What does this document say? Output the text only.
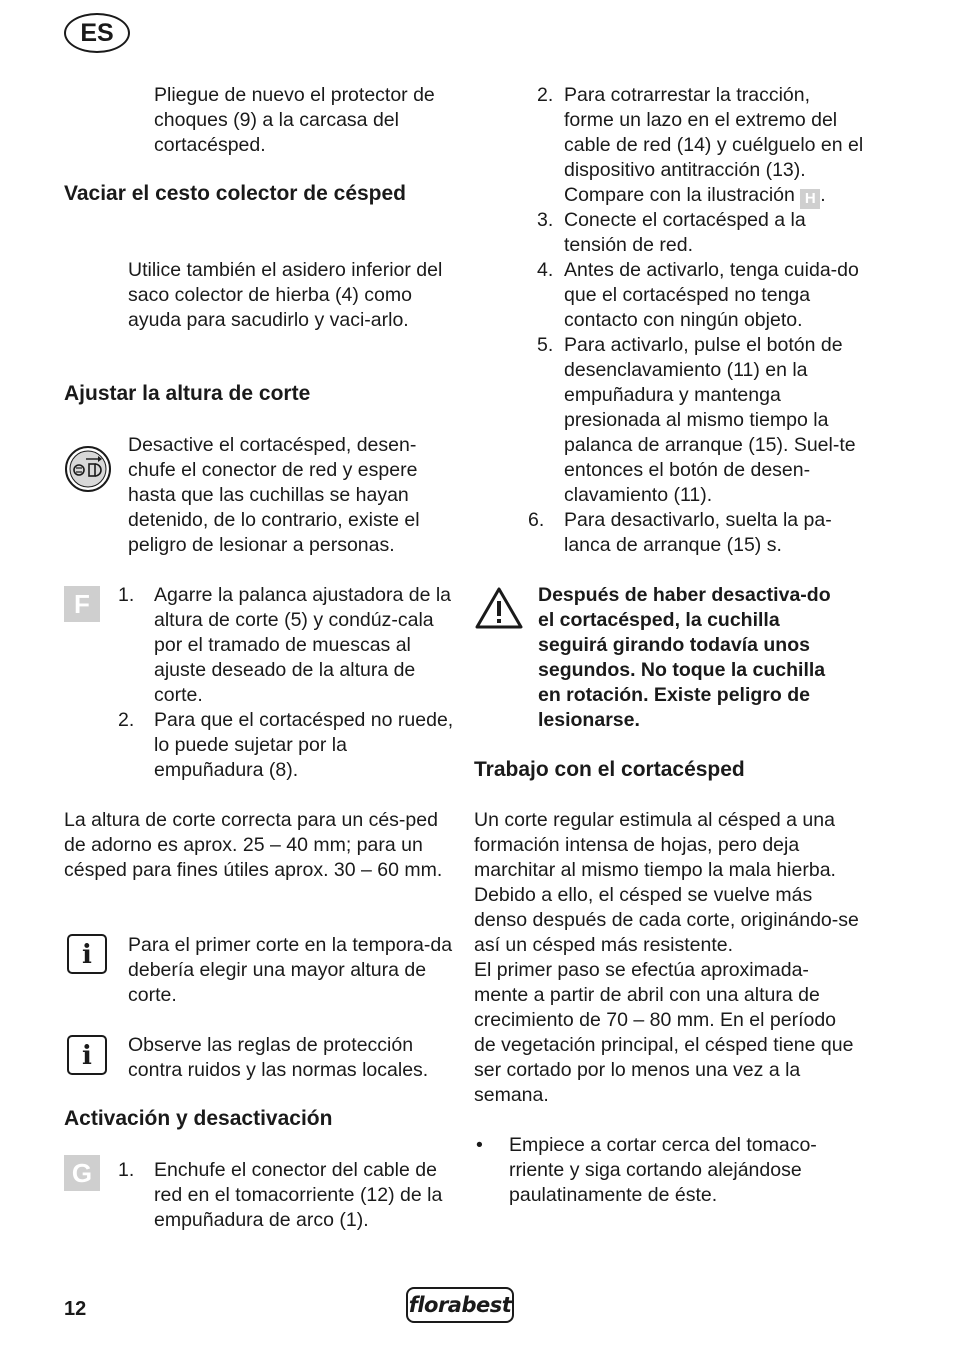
ES

Pliegue de nuevo el protector de choques (9) a la carcasa del cortacésped.

Vaciar el cesto colector de césped

Utilice también el asidero inferior del saco colector de hierba (4) como ayuda para sacudirlo y vaci-arlo.

Ajustar la altura de corte

Desactive el cortacésped, desen-chufe el conector de red y espere hasta que las cuchillas se hayan detenido, de lo contrario, existe el peligro de lesionar a personas.

F	1. Agarre la palanca ajustadora de la altura de corte (5) y condúz-cala por el tramado de muescas al ajuste deseado de la altura de corte.
2. Para que el cortacésped no ruede, lo puede sujetar por la empuñadura (8).

La altura de corte correcta para un cés-ped de adorno es aprox. 25 – 40 mm; para un césped para fines útiles aprox. 30 – 60 mm.

i	Para el primer corte en la tempora-da debería elegir una mayor altura de corte.

i	Observe las reglas de protección contra ruidos y las normas locales.

Activación y desactivación
G	1. Enchufe el conector del cable de red en el tomacorriente (12) de la empuñadura de arco (1).

2. Para cotrarrestar la tracción, forme un lazo en el extremo del cable de red (14) y cuélguelo en el dispositivo antitracción (13). Compare con la ilustración H .
3. Conecte el cortacésped a la tensión de red.
4. Antes de activarlo, tenga cuida-do que el cortacésped no tenga contacto con ningún objeto.
5. Para activarlo, pulse el botón de desenclavamiento (11) en la empuñadura y mantenga presionada al mismo tiempo la palanca de arranque (15). Suel-te entonces el botón de desen-clavamiento (11).
6. Para desactivarlo, suelta la pa-lanca de arranque (15) s.

Después de haber desactiva-do el cortacésped, la cuchilla seguirá girando todavía unos segundos. No toque la cuchilla en rotación. Existe peligro de lesionarse.

Trabajo con el cortacésped

Un corte regular estimula al césped a una formación intensa de hojas, pero deja marchitar al mismo tiempo la mala hierba. Debido a ello, el césped se vuelve más denso después de cada corte, originándo-se así un césped más resistente.

El primer paso se efectúa aproximada-mente a partir de abril con una altura de crecimiento de 70 – 80 mm. En el período de vegetación principal, el césped tiene que ser cortado por lo menos una vez a la semana.

• Empiece a cortar cerca del tomaco-rriente y siga cortando alejándose paulatinamente de éste.

12	florabest
